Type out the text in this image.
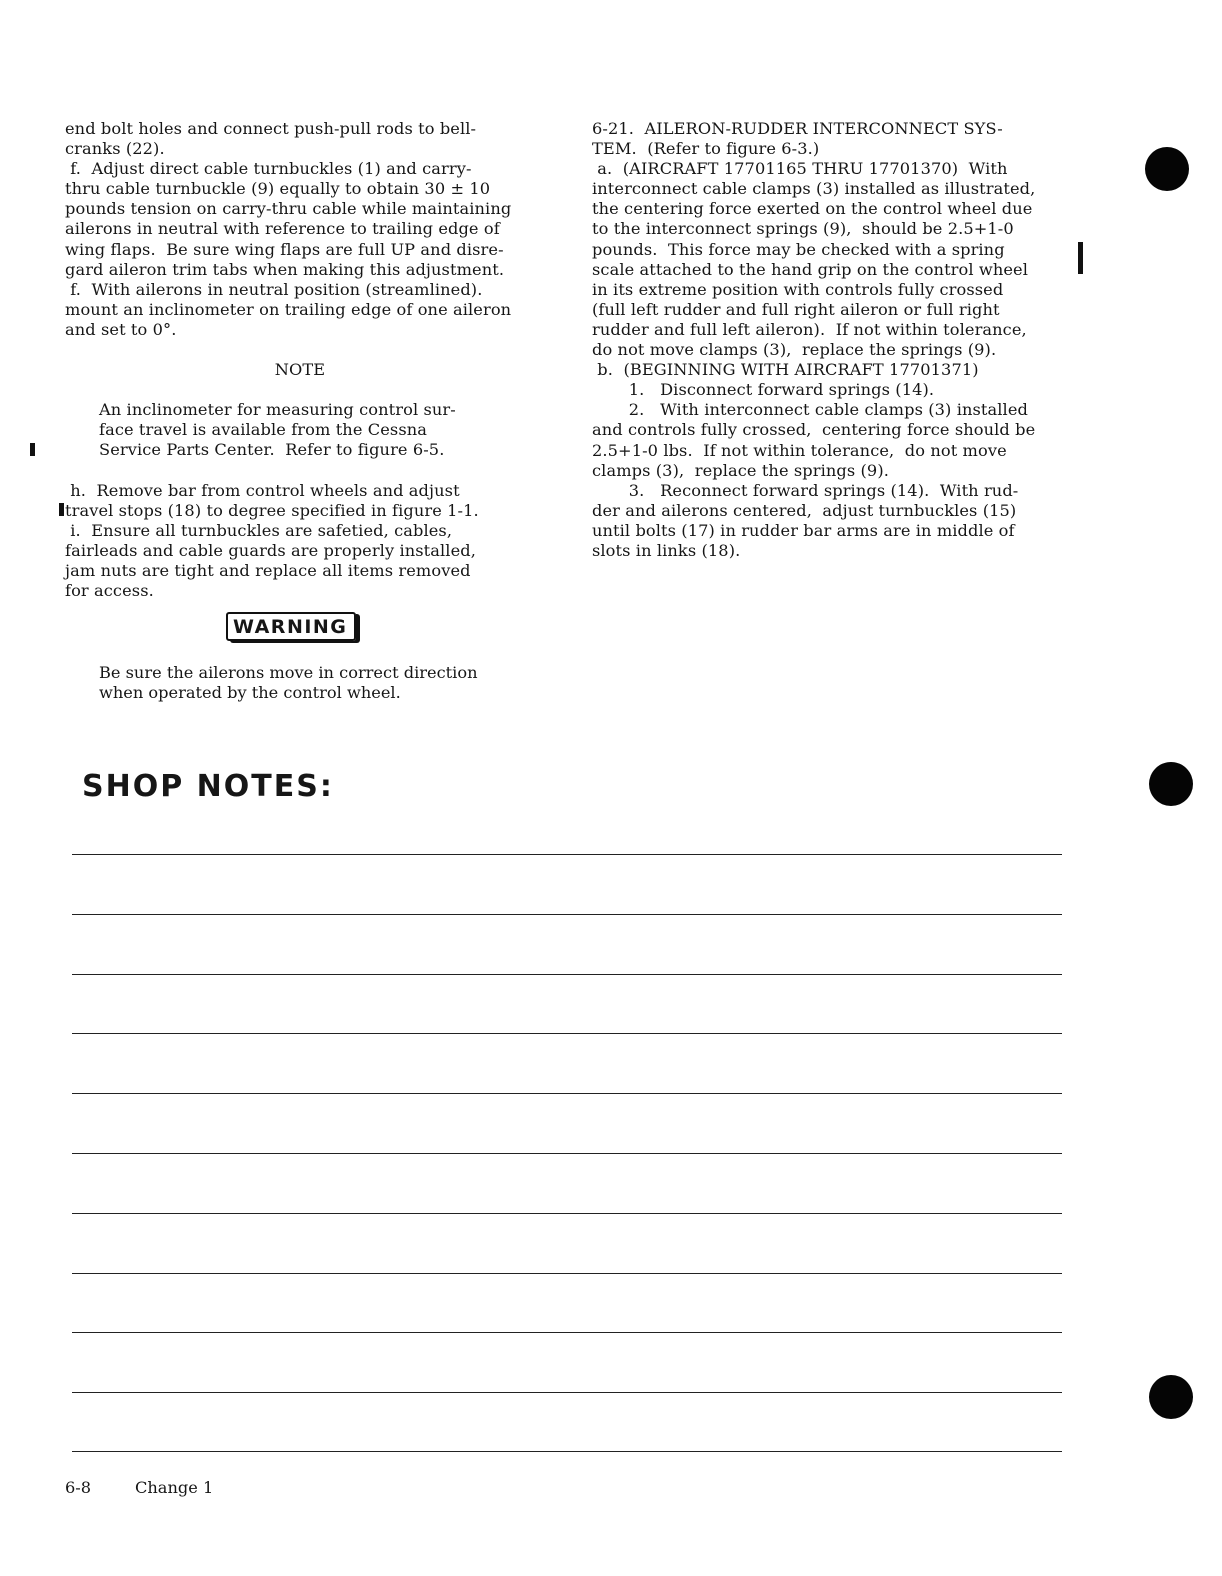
end bolt holes and connect push-pull rods to bell-
cranks (22).
f.  Adjust direct cable turnbuckles (1) and carry-
thru cable turnbuckle (9) equally to obtain 30 ± 10
pounds tension on carry-thru cable while maintaining
ailerons in neutral with reference to trailing edge of
wing flaps.  Be sure wing flaps are full UP and disre-
gard aileron trim tabs when making this adjustment.
f.  With ailerons in neutral position (streamlined).
mount an inclinometer on trailing edge of one aileron
and set to 0°.
NOTE
An inclinometer for measuring control sur-
face travel is available from the Cessna
Service Parts Center.  Refer to figure 6-5.
h.  Remove bar from control wheels and adjust
travel stops (18) to degree specified in figure 1-1.
i.  Ensure all turnbuckles are safetied, cables,
fairleads and cable guards are properly installed,
jam nuts are tight and replace all items removed
for access.
WARNING
Be sure the ailerons move in correct direction
when operated by the control wheel.
6-21.  AILERON-RUDDER INTERCONNECT SYS-
TEM.  (Refer to figure 6-3.)
a.  (AIRCRAFT 17701165 THRU 17701370)  With
interconnect cable clamps (3) installed as illustrated,
the centering force exerted on the control wheel due
to the interconnect springs (9),  should be 2.5+1-0
pounds.  This force may be checked with a spring
scale attached to the hand grip on the control wheel
in its extreme position with controls fully crossed
(full left rudder and full right aileron or full right
rudder and full left aileron).  If not within tolerance,
do not move clamps (3),  replace the springs (9).
b.  (BEGINNING WITH AIRCRAFT 17701371)
1.   Disconnect forward springs (14).
2.   With interconnect cable clamps (3) installed
and controls fully crossed,  centering force should be
2.5+1-0 lbs.  If not within tolerance,  do not move
clamps (3),  replace the springs (9).
3.   Reconnect forward springs (14).  With rud-
der and ailerons centered,  adjust turnbuckles (15)
until bolts (17) in rudder bar arms are in middle of
slots in links (18).
SHOP NOTES:
6-8	Change 1
